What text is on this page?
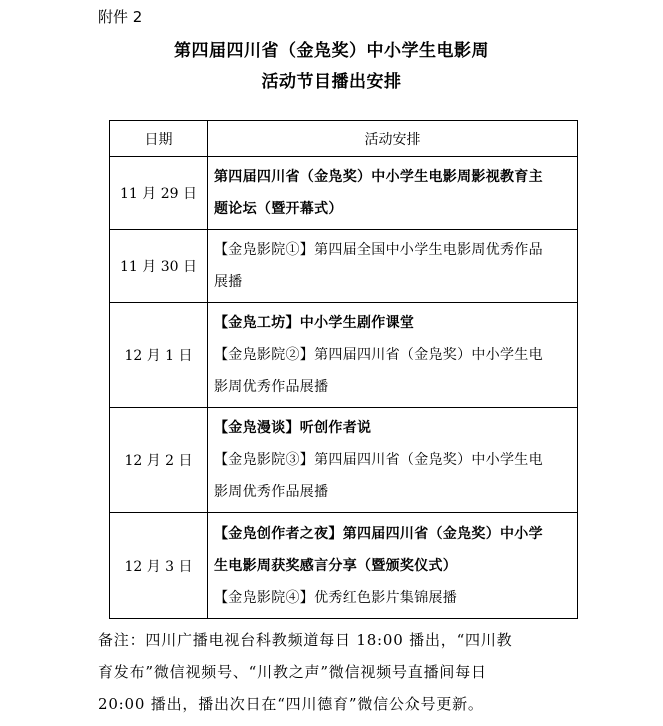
附件 2
第四届四川省（金凫奖）中小学生电影周
活动节目播出安排
日期	活动安排
11 月 29 日	第四届四川省（金凫奖）中小学生电影周影视教育主
题论坛（暨开幕式）

11 月 30 日	【金凫影院①】第四届全国中小学生电影周优秀作品
展播

12 月 1 日	【金凫工坊】中小学生剧作课堂
【金凫影院②】第四届四川省（金凫奖）中小学生电
影周优秀作品展播

12 月 2 日	【金凫漫谈】听创作者说
【金凫影院③】第四届四川省（金凫奖）中小学生电
影周优秀作品展播

12 月 3 日	【金凫创作者之夜】第四届四川省（金凫奖）中小学
生电影周获奖感言分享（暨颁奖仪式）
【金凫影院④】优秀红色影片集锦展播
备注：四川广播电视台科教频道每日 18:00 播出，“四川教
育发布”微信视频号、“川教之声”微信视频号直播间每日
20:00 播出，播出次日在“四川德育”微信公众号更新。
